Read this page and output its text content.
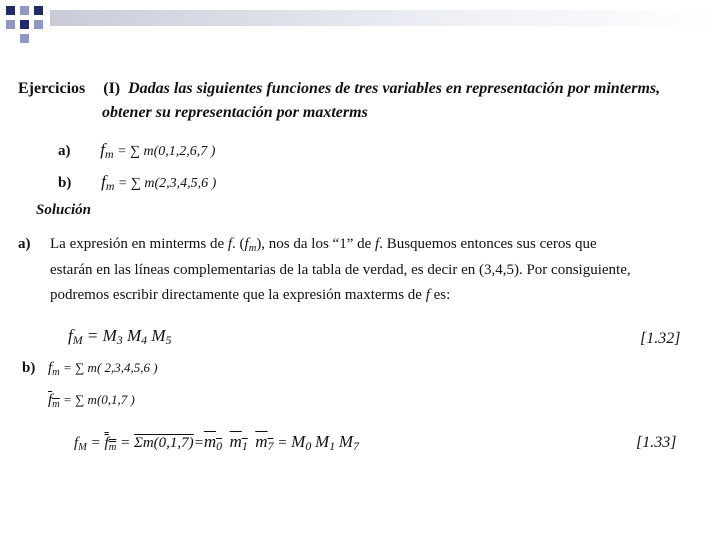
Ejercicios (I) Dadas las siguientes funciones de tres variables en representación por minterms,
obtener su representación por maxterms
a) $f_m$ = ∑ m(0,1,2,6,7 )
b) $f_m$ = ∑ m(2,3,4,5,6 )
Solución
a) La expresión en minterms de f. $(f_m)$, nos da los “1” de f. Busquemos entonces sus ceros que
estarán en las líneas complementarias de la tabla de verdad, es decir en (3,4,5). Por consiguiente,
podremos escribir directamente que la expresión maxterms de f es:
$f_M = M_3$ $M_4$ $M_5$	[1.32]
b) $f_m$ = ∑ m( 2,3,4,5,6 )
$f_m$ = ∑ m(0,1,7 )
$f_M = f_m = \Sigma m(0,1,7)=m_0$ $m_1$ $m_7 = M_0$ $M_1$ $M_7$	[1.33]
